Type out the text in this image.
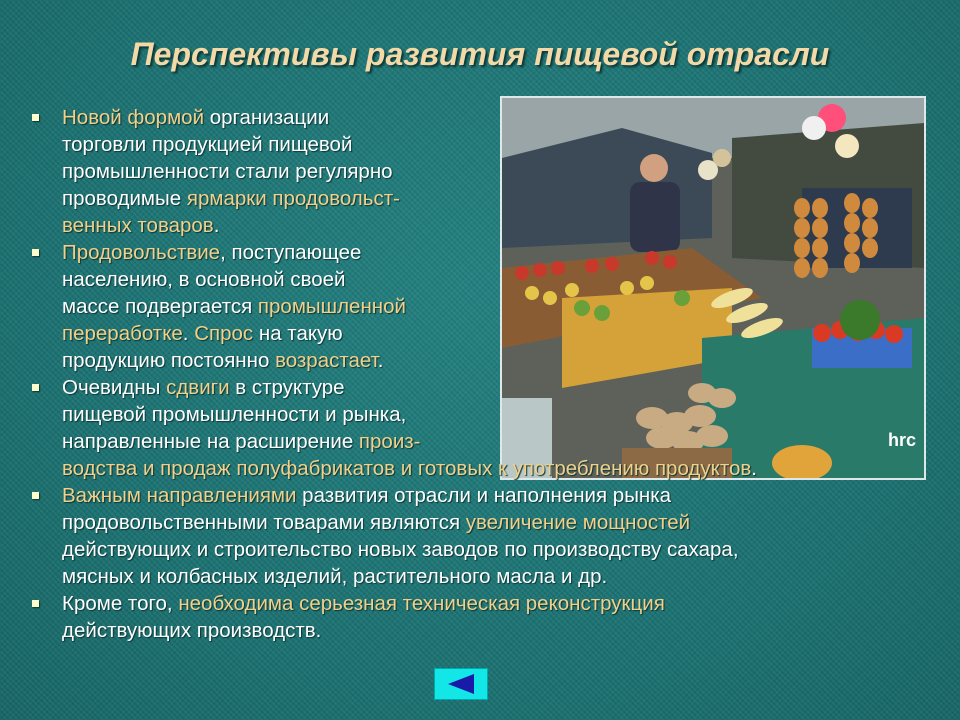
Перспективы развития пищевой отрасли
hrc
Новой формой организации
торговли продукцией пищевой
промышленности стали регулярно
проводимые ярмарки продовольст-
венных товаров.
Продовольствие, поступающее
населению, в основной своей
массе подвергается промышленной
переработке. Спрос на такую
продукцию постоянно возрастает.
Очевидны сдвиги в структуре
пищевой промышленности и рынка,
направленные на расширение произ-
водства и продаж полуфабрикатов и готовых к употреблению продуктов.
Важным направлениями развития отрасли и наполнения рынка
продовольственными товарами являются увеличение мощностей
действующих и строительство новых заводов по производству сахара,
мясных и колбасных изделий, растительного масла и др.
Кроме того, необходима серьезная техническая реконструкция
действующих производств.
